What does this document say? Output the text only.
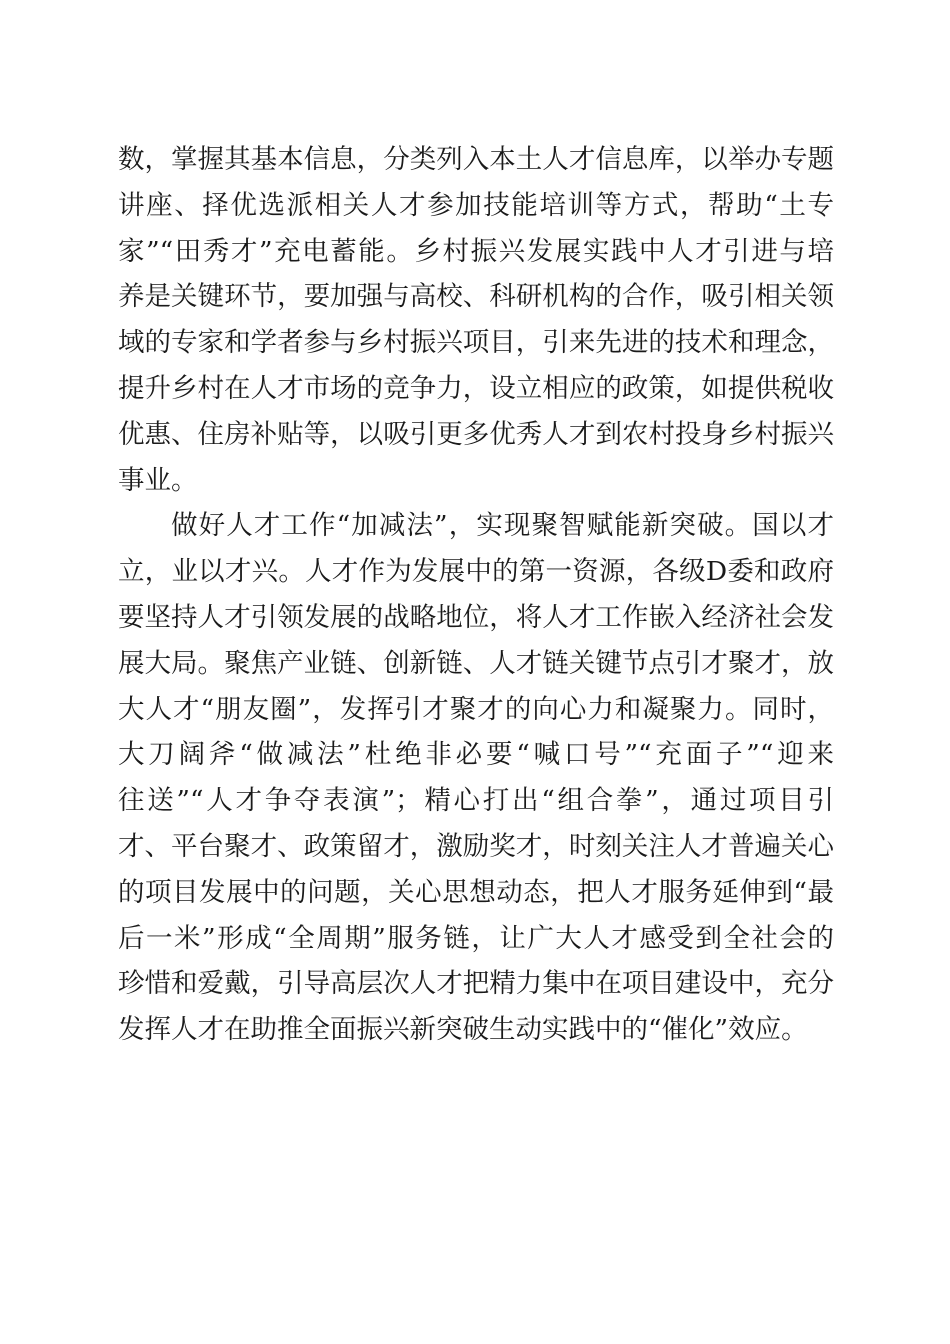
数，掌握其基本信息，分类列入本土人才信息库，以举办专题
讲座、择优选派相关人才参加技能培训等方式，帮助“土专
家”“田秀才”充电蓄能。乡村振兴发展实践中人才引进与培
养是关键环节，要加强与高校、科研机构的合作，吸引相关领
域的专家和学者参与乡村振兴项目，引来先进的技术和理念，
提升乡村在人才市场的竞争力，设立相应的政策，如提供税收
优惠、住房补贴等，以吸引更多优秀人才到农村投身乡村振兴
事业。
做好人才工作“加减法”，实现聚智赋能新突破。国以才
立，业以才兴。人才作为发展中的第一资源，各级D委和政府
要坚持人才引领发展的战略地位，将人才工作嵌入经济社会发
展大局。聚焦产业链、创新链、人才链关键节点引才聚才，放
大人才“朋友圈”，发挥引才聚才的向心力和凝聚力。同时，
大刀阔斧“做减法”杜绝非必要“喊口号”“充面子”“迎来
往送”“人才争夺表演”；精心打出“组合拳”，通过项目引
才、平台聚才、政策留才，激励奖才，时刻关注人才普遍关心
的项目发展中的问题，关心思想动态，把人才服务延伸到“最
后一米”形成“全周期”服务链，让广大人才感受到全社会的
珍惜和爱戴，引导高层次人才把精力集中在项目建设中，充分
发挥人才在助推全面振兴新突破生动实践中的“催化”效应。
